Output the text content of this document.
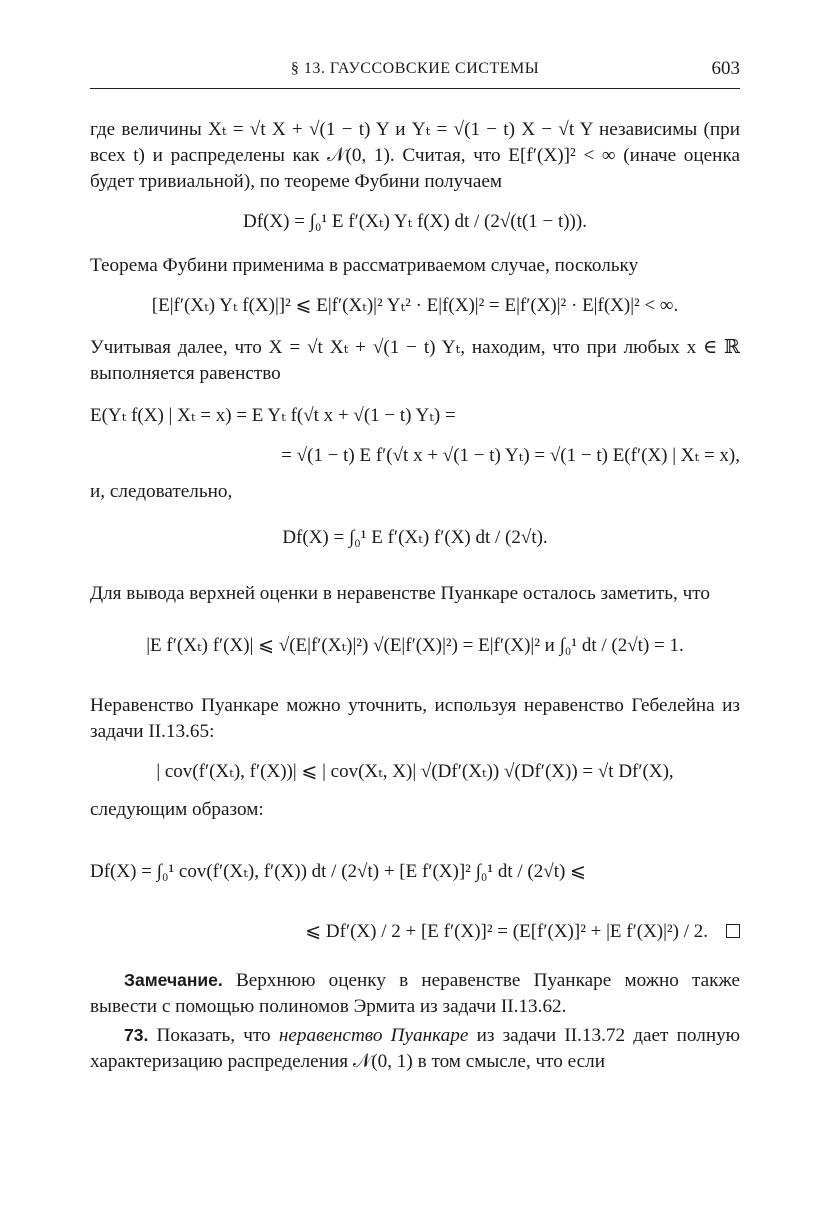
§ 13. ГАУССОВСКИЕ СИСТЕМЫ	603

где величины Xₜ = √t X + √(1 − t) Y и Yₜ = √(1 − t) X − √t Y независимы (при всех t) и распределены как 𝒩(0, 1). Считая, что E[f′(X)]² < ∞ (иначе оценка будет тривиальной), по теореме Фубини получаем

Df(X) = ∫₀¹ E f′(Xₜ) Yₜ f(X) dt / (2√(t(1 − t))).

Теорема Фубини применима в рассматриваемом случае, поскольку

[E|f′(Xₜ) Yₜ f(X)|]² ⩽ E|f′(Xₜ)|² Yₜ² · E|f(X)|² = E|f′(X)|² · E|f(X)|² < ∞.

Учитывая далее, что X = √t Xₜ + √(1 − t) Yₜ, находим, что при любых x ∈ ℝ выполняется равенство

E(Yₜ f(X) | Xₜ = x) = E Yₜ f(√t x + √(1 − t) Yₜ) =

= √(1 − t) E f′(√t x + √(1 − t) Yₜ) = √(1 − t) E(f′(X) | Xₜ = x),

и, следовательно,

Df(X) = ∫₀¹ E f′(Xₜ) f′(X) dt / (2√t).

Для вывода верхней оценки в неравенстве Пуанкаре осталось заметить, что

|E f′(Xₜ) f′(X)| ⩽ √(E|f′(Xₜ)|²) √(E|f′(X)|²) = E|f′(X)|² и ∫₀¹ dt / (2√t) = 1.

Неравенство Пуанкаре можно уточнить, используя неравенство Гебелейна из задачи II.13.65:

| cov(f′(Xₜ), f′(X))| ⩽ | cov(Xₜ, X)| √(Df′(Xₜ)) √(Df′(X)) = √t Df′(X),

следующим образом:

Df(X) = ∫₀¹ cov(f′(Xₜ), f′(X)) dt / (2√t) + [E f′(X)]² ∫₀¹ dt / (2√t) ⩽

⩽ Df′(X) / 2 + [E f′(X)]² = (E[f′(X)]² + |E f′(X)|²) / 2.

Замечание. Верхнюю оценку в неравенстве Пуанкаре можно также вывести с помощью полиномов Эрмита из задачи II.13.62.

73. Показать, что неравенство Пуанкаре из задачи II.13.72 дает полную характеризацию распределения 𝒩(0, 1) в том смысле, что если
